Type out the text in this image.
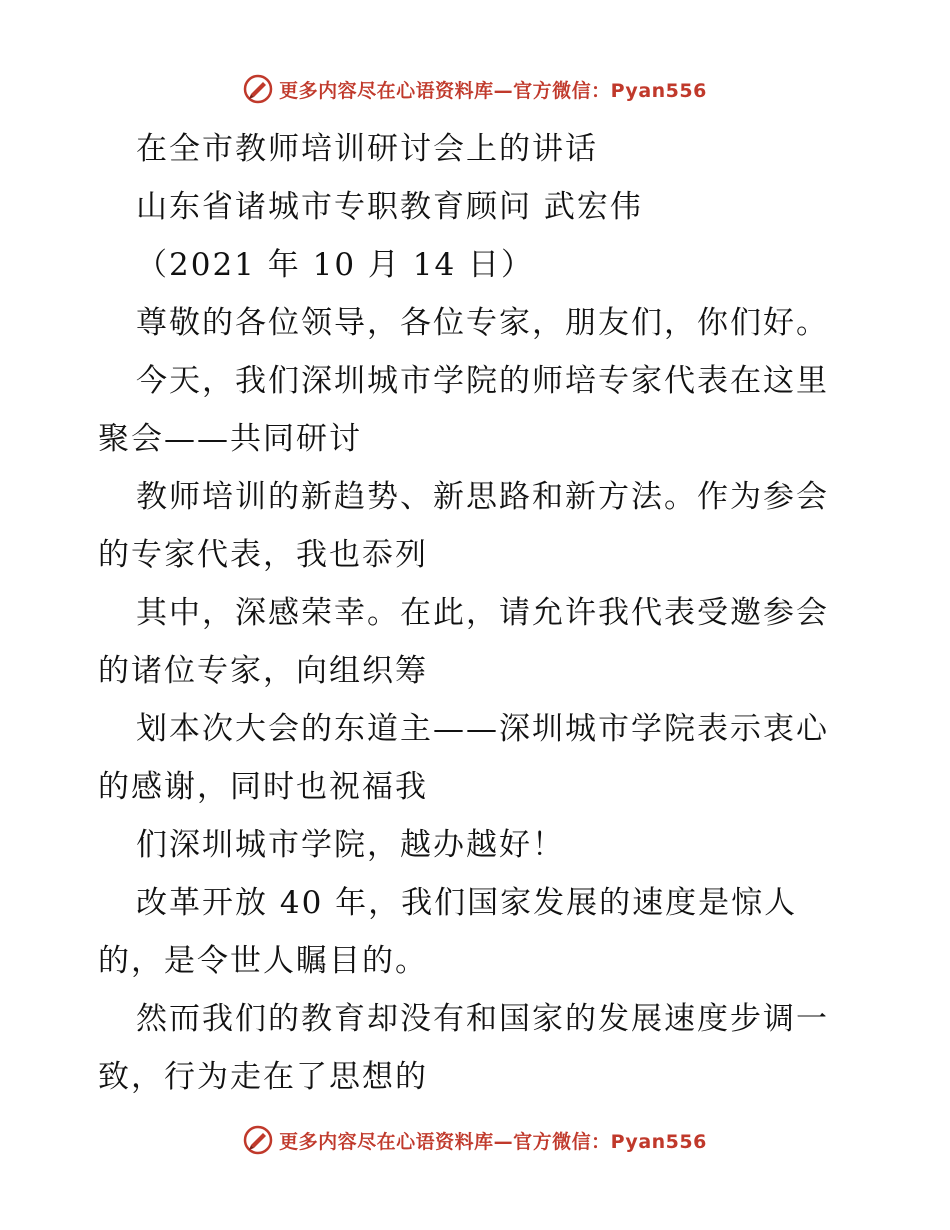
更多内容尽在心语资料库—官方微信：Pyan556
在全市教师培训研讨会上的讲话
山东省诸城市专职教育顾问 武宏伟
（2021 年 10 月 14 日）
尊敬的各位领导，各位专家，朋友们，你们好。
今天，我们深圳城市学院的师培专家代表在这里
聚会——共同研讨
教师培训的新趋势、新思路和新方法。作为参会
的专家代表，我也忝列
其中，深感荣幸。在此，请允许我代表受邀参会
的诸位专家，向组织筹
划本次大会的东道主——深圳城市学院表示衷心
的感谢，同时也祝福我
们深圳城市学院，越办越好！
改革开放 40 年，我们国家发展的速度是惊人
的，是令世人瞩目的。
然而我们的教育却没有和国家的发展速度步调一
致，行为走在了思想的
更多内容尽在心语资料库—官方微信：Pyan556
